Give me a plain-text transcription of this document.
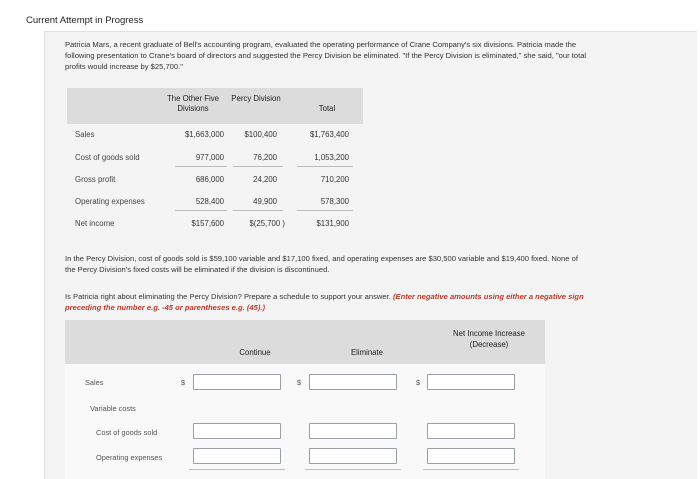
Current Attempt in Progress
Patricia Mars, a recent graduate of Bell's accounting program, evaluated the operating performance of Crane Company's six divisions. Patricia made the following presentation to Crane's board of directors and suggested the Percy Division be eliminated. "If the Percy Division is eliminated," she said, "our total profits would increase by $25,700."
The Other Five Divisions
Percy Division
Total
Sales	$1,663,000	$100,400	$1,763,400
Cost of goods sold	977,000	76,200	1,053,200
Gross profit	686,000	24,200	710,200
Operating expenses	528,400	49,900	578,300
Net income	$157,600	$(25,700 )	$131,900
In the Percy Division, cost of goods sold is $59,100 variable and $17,100 fixed, and operating expenses are $30,500 variable and $19,400 fixed. None of the Percy Division's fixed costs will be eliminated if the division is discontinued.
Is Patricia right about eliminating the Percy Division? Prepare a schedule to support your answer. (Enter negative amounts using either a negative sign preceding the number e.g. -45 or parentheses e.g. (45).)
Continue	Eliminate
Net Income Increase (Decrease)
Sales	$	$	$
Variable costs
Cost of goods sold
Operating expenses
